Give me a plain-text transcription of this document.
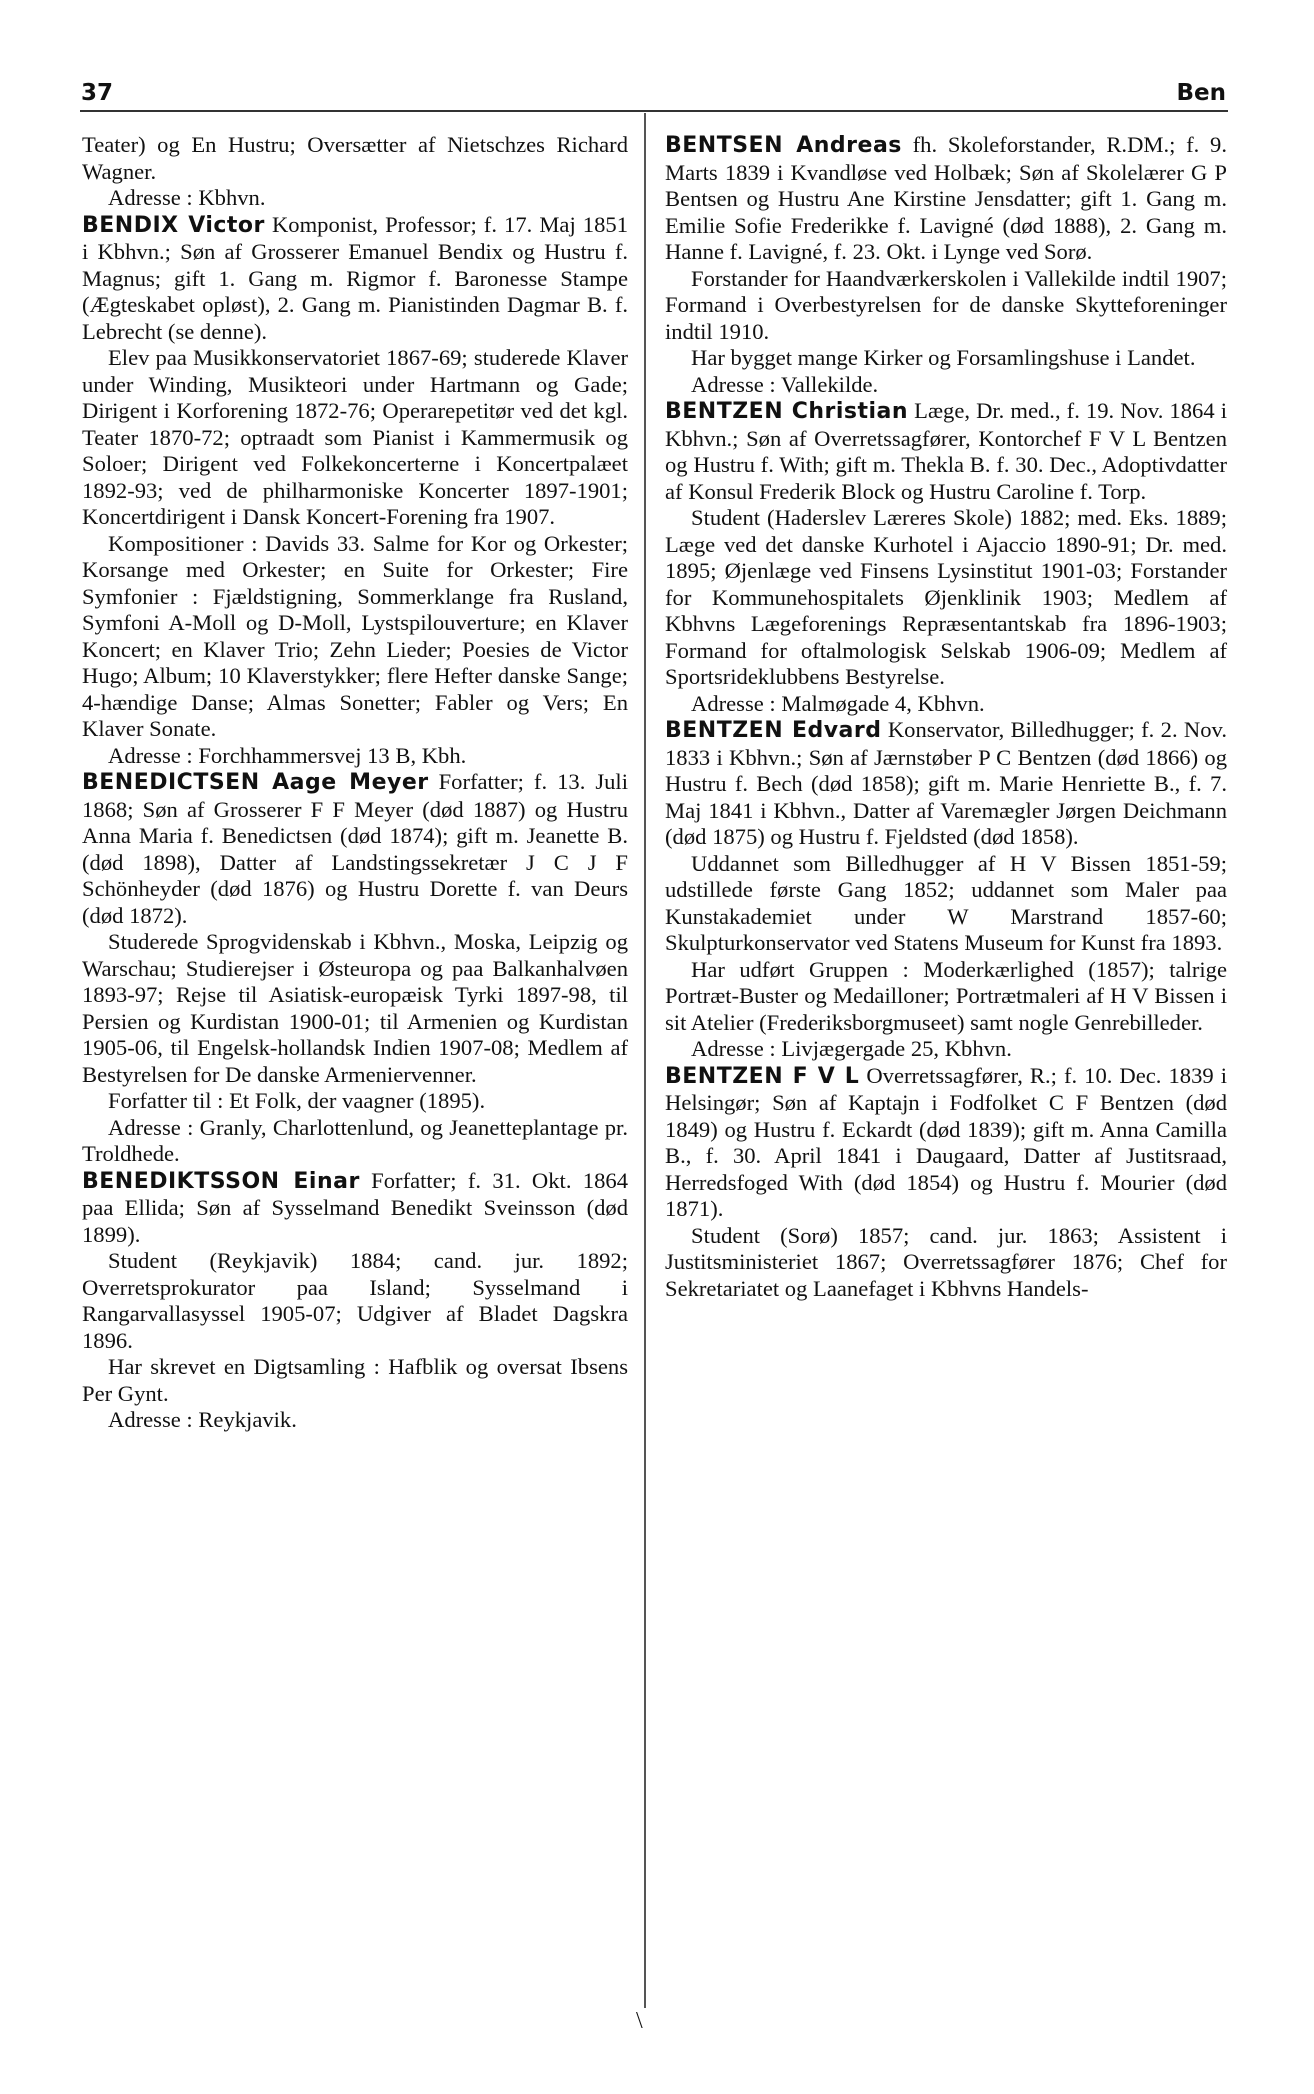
37	Ben

Teater) og En Hustru; Oversætter af Nietschzes Richard Wagner.

Adresse : Kbhvn.

BENDIX Victor Komponist, Professor; f. 17. Maj 1851 i Kbhvn.; Søn af Grosserer Emanuel Bendix og Hustru f. Magnus; gift 1. Gang m. Rigmor f. Baronesse Stampe (Ægteskabet opløst), 2. Gang m. Pianistinden Dagmar B. f. Lebrecht (se denne).

Elev paa Musikkonservatoriet 1867-69; studerede Klaver under Winding, Musikteori under Hartmann og Gade; Dirigent i Korforening 1872-76; Operarepetitør ved det kgl. Teater 1870-72; optraadt som Pianist i Kammermusik og Soloer; Dirigent ved Folkekoncerterne i Koncertpalæet 1892-93; ved de philharmoniske Koncerter 1897-1901; Koncertdirigent i Dansk Koncert-Forening fra 1907.

Kompositioner : Davids 33. Salme for Kor og Orkester; Korsange med Orkester; en Suite for Orkester; Fire Symfonier : Fjældstigning, Sommerklange fra Rusland, Symfoni A-Moll og D-Moll, Lystspilouverture; en Klaver Koncert; en Klaver Trio; Zehn Lieder; Poesies de Victor Hugo; Album; 10 Klaverstykker; flere Hefter danske Sange; 4-hændige Danse; Almas Sonetter; Fabler og Vers; En Klaver Sonate.

Adresse : Forchhammersvej 13 B, Kbh.

BENEDICTSEN Aage Meyer Forfatter; f. 13. Juli 1868; Søn af Grosserer F F Meyer (død 1887) og Hustru Anna Maria f. Benedictsen (død 1874); gift m. Jeanette B. (død 1898), Datter af Landstingssekretær J C J F Schönheyder (død 1876) og Hustru Dorette f. van Deurs (død 1872).

Studerede Sprogvidenskab i Kbhvn., Moska, Leipzig og Warschau; Studierejser i Østeuropa og paa Balkanhalvøen 1893-97; Rejse til Asiatisk-europæisk Tyrki 1897-98, til Persien og Kurdistan 1900-01; til Armenien og Kurdistan 1905-06, til Engelsk-hollandsk Indien 1907-08; Medlem af Bestyrelsen for De danske Armeniervenner.

Forfatter til : Et Folk, der vaagner (1895).

Adresse : Granly, Charlottenlund, og Jeanetteplantage pr. Troldhede.

BENEDIKTSSON Einar Forfatter; f. 31. Okt. 1864 paa Ellida; Søn af Sysselmand Benedikt Sveinsson (død 1899).

Student (Reykjavik) 1884; cand. jur. 1892; Overretsprokurator paa Island; Sysselmand i Rangarvallasyssel 1905-07; Udgiver af Bladet Dagskra 1896.

Har skrevet en Digtsamling : Hafblik og oversat Ibsens Per Gynt.

Adresse : Reykjavik.

BENTSEN Andreas fh. Skoleforstander, R.DM.; f. 9. Marts 1839 i Kvandløse ved Holbæk; Søn af Skolelærer G P Bentsen og Hustru Ane Kirstine Jensdatter; gift 1. Gang m. Emilie Sofie Frederikke f. Lavigné (død 1888), 2. Gang m. Hanne f. Lavigné, f. 23. Okt. i Lynge ved Sorø.

Forstander for Haandværkerskolen i Vallekilde indtil 1907; Formand i Overbestyrelsen for de danske Skytteforeninger indtil 1910.

Har bygget mange Kirker og Forsamlingshuse i Landet.

Adresse : Vallekilde.

BENTZEN Christian Læge, Dr. med., f. 19. Nov. 1864 i Kbhvn.; Søn af Overretssagfører, Kontorchef F V L Bentzen og Hustru f. With; gift m. Thekla B. f. 30. Dec., Adoptivdatter af Konsul Frederik Block og Hustru Caroline f. Torp.

Student (Haderslev Læreres Skole) 1882; med. Eks. 1889; Læge ved det danske Kurhotel i Ajaccio 1890-91; Dr. med. 1895; Øjenlæge ved Finsens Lysinstitut 1901-03; Forstander for Kommunehospitalets Øjenklinik 1903; Medlem af Kbhvns Lægeforenings Repræsentantskab fra 1896-1903; Formand for oftalmologisk Selskab 1906-09; Medlem af Sportsrideklubbens Bestyrelse.

Adresse : Malmøgade 4, Kbhvn.

BENTZEN Edvard Konservator, Billedhugger; f. 2. Nov. 1833 i Kbhvn.; Søn af Jærnstøber P C Bentzen (død 1866) og Hustru f. Bech (død 1858); gift m. Marie Henriette B., f. 7. Maj 1841 i Kbhvn., Datter af Varemægler Jørgen Deichmann (død 1875) og Hustru f. Fjeldsted (død 1858).

Uddannet som Billedhugger af H V Bissen 1851-59; udstillede første Gang 1852; uddannet som Maler paa Kunstakademiet under W Marstrand 1857-60; Skulpturkonservator ved Statens Museum for Kunst fra 1893.

Har udført Gruppen : Moderkærlighed (1857); talrige Portræt-Buster og Medailloner; Portrætmaleri af H V Bissen i sit Atelier (Frederiksborgmuseet) samt nogle Genrebilleder.

Adresse : Livjægergade 25, Kbhvn.

BENTZEN F V L Overretssagfører, R.; f. 10. Dec. 1839 i Helsingør; Søn af Kaptajn i Fodfolket C F Bentzen (død 1849) og Hustru f. Eckardt (død 1839); gift m. Anna Camilla B., f. 30. April 1841 i Daugaard, Datter af Justitsraad, Herredsfoged With (død 1854) og Hustru f. Mourier (død 1871).

Student (Sorø) 1857; cand. jur. 1863; Assistent i Justitsministeriet 1867; Overretssagfører 1876; Chef for Sekretariatet og Laanefaget i Kbhvns Handels-

\
